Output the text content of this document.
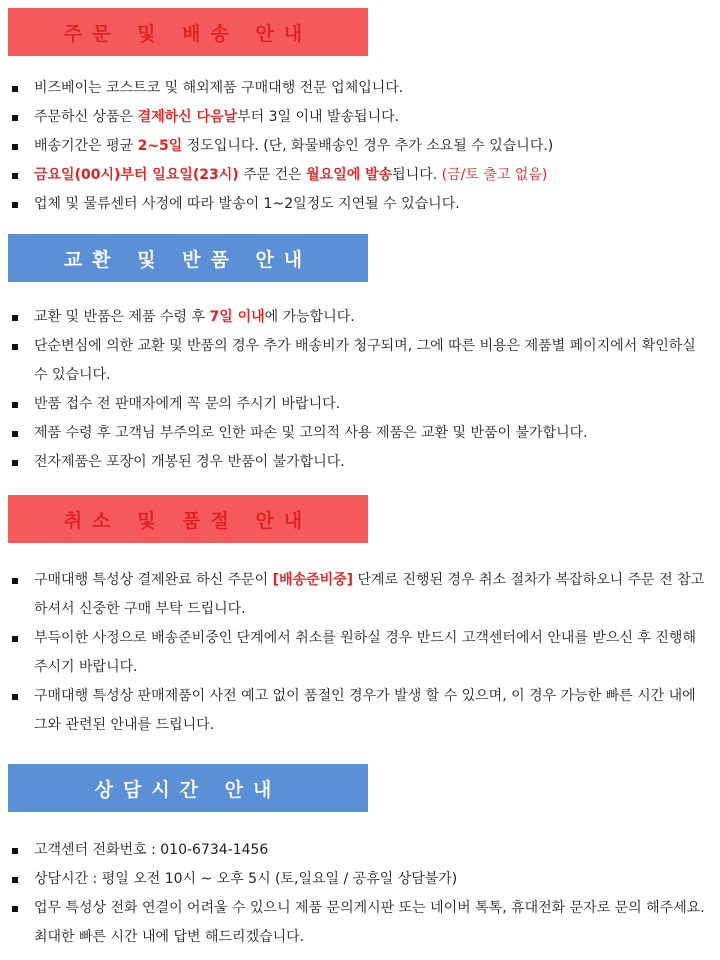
주문 및 배송 안내
비즈베이는 코스트코 및 해외제품 구매대행 전문 업체입니다.
주문하신 상품은 결제하신 다음날부터 3일 이내 발송됩니다.
배송기간은 평균 2~5일 정도입니다. (단, 화물배송인 경우 추가 소요될 수 있습니다.)
금요일(00시)부터 일요일(23시) 주문 건은 월요일에 발송됩니다. (금/토 출고 없음)
업체 및 물류센터 사정에 따라 발송이 1~2일정도 지연될 수 있습니다.
교환 및 반품 안내
교환 및 반품은 제품 수령 후 7일 이내에 가능합니다.
단순변심에 의한 교환 및 반품의 경우 추가 배송비가 청구되며, 그에 따른 비용은 제품별 페이지에서 확인하실 수 있습니다.
반품 접수 전 판매자에게 꼭 문의 주시기 바랍니다.
제품 수령 후 고객님 부주의로 인한 파손 및 고의적 사용 제품은 교환 및 반품이 불가합니다.
전자제품은 포장이 개봉된 경우 반품이 불가합니다.
취소 및 품절 안내
구매대행 특성상 결제완료 하신 주문이 [배송준비중] 단계로 진행된 경우 취소 절차가 복잡하오니 주문 전 참고하셔서 신중한 구매 부탁 드립니다.
부득이한 사정으로 배송준비중인 단계에서 취소를 원하실 경우 반드시 고객센터에서 안내를 받으신 후 진행해주시기 바랍니다.
구매대행 특성상 판매제품이 사전 예고 없이 품절인 경우가 발생 할 수 있으며, 이 경우 가능한 빠른 시간 내에 그와 관련된 안내를 드립니다.
상담시간 안내
고객센터 전화번호 : 010-6734-1456
상담시간 : 평일 오전 10시 ~ 오후 5시 (토,일요일 / 공휴일 상담불가)
업무 특성상 전화 연결이 어려울 수 있으니 제품 문의게시판 또는 네이버 톡톡, 휴대전화 문자로 문의 해주세요. 최대한 빠른 시간 내에 답변 해드리겠습니다.
